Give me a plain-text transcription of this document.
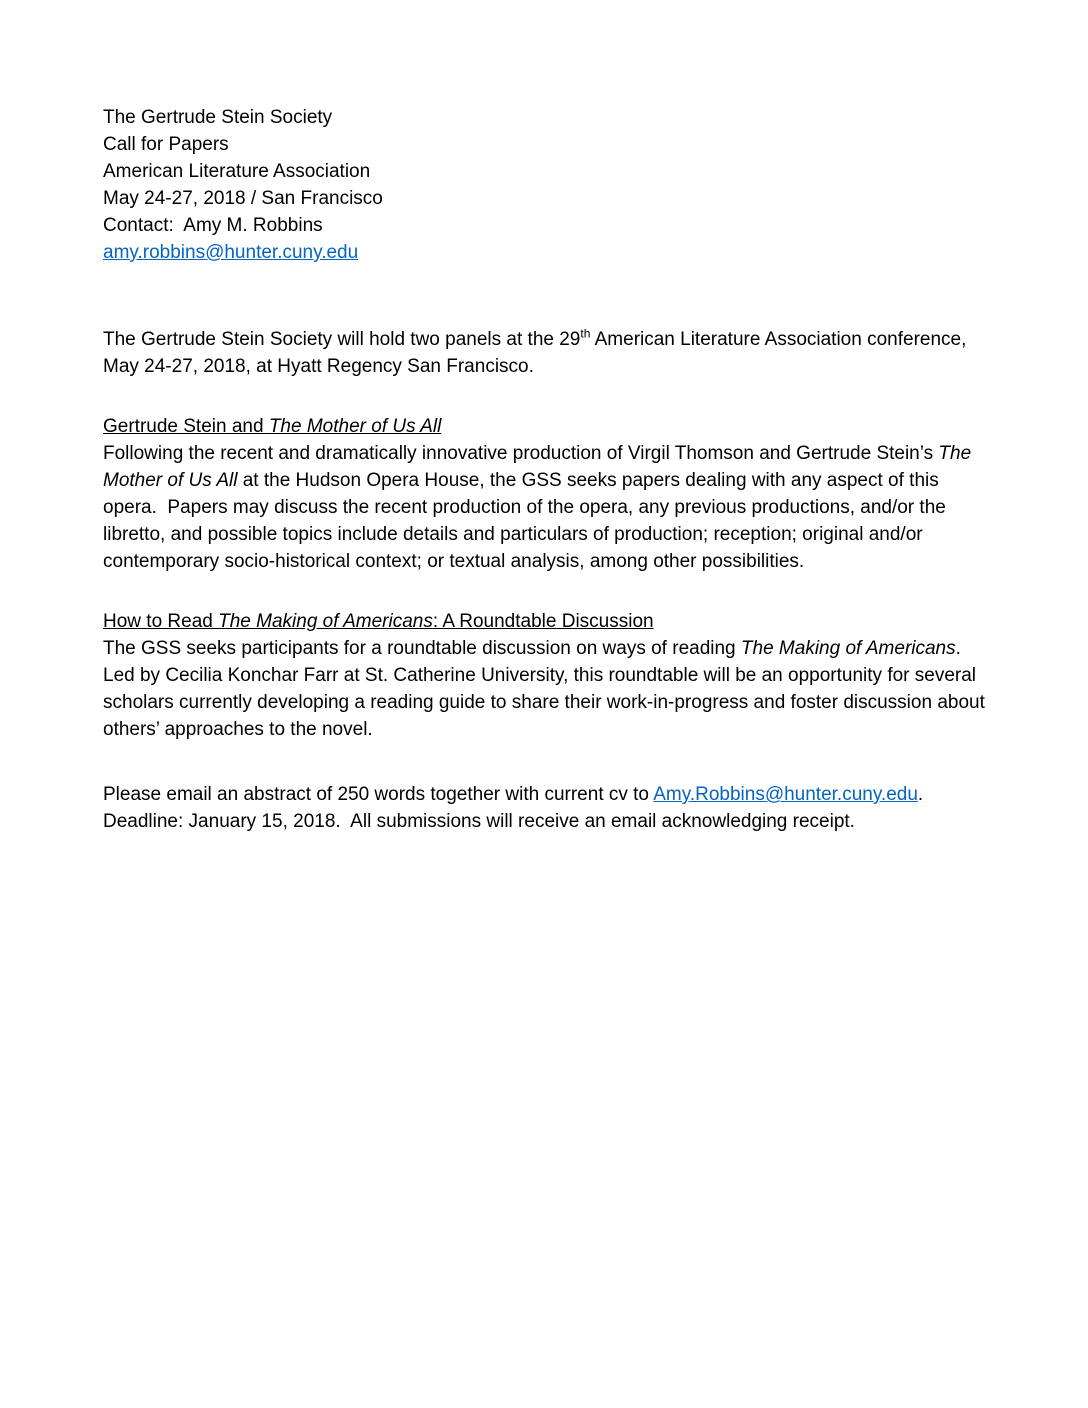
The Gertrude Stein Society
Call for Papers
American Literature Association
May 24-27, 2018 / San Francisco
Contact:  Amy M. Robbins
amy.robbins@hunter.cuny.edu

The Gertrude Stein Society will hold two panels at the 29th American Literature Association conference, May 24-27, 2018, at Hyatt Regency San Francisco.

Gertrude Stein and The Mother of Us All

Following the recent and dramatically innovative production of Virgil Thomson and Gertrude Stein’s The Mother of Us All at the Hudson Opera House, the GSS seeks papers dealing with any aspect of this opera.  Papers may discuss the recent production of the opera, any previous productions, and/or the libretto, and possible topics include details and particulars of production; reception; original and/or contemporary socio-historical context; or textual analysis, among other possibilities.

How to Read The Making of Americans: A Roundtable Discussion

The GSS seeks participants for a roundtable discussion on ways of reading The Making of Americans. Led by Cecilia Konchar Farr at St. Catherine University, this roundtable will be an opportunity for several scholars currently developing a reading guide to share their work-in-progress and foster discussion about others’ approaches to the novel.

Please email an abstract of 250 words together with current cv to Amy.Robbins@hunter.cuny.edu. Deadline: January 15, 2018.  All submissions will receive an email acknowledging receipt.
